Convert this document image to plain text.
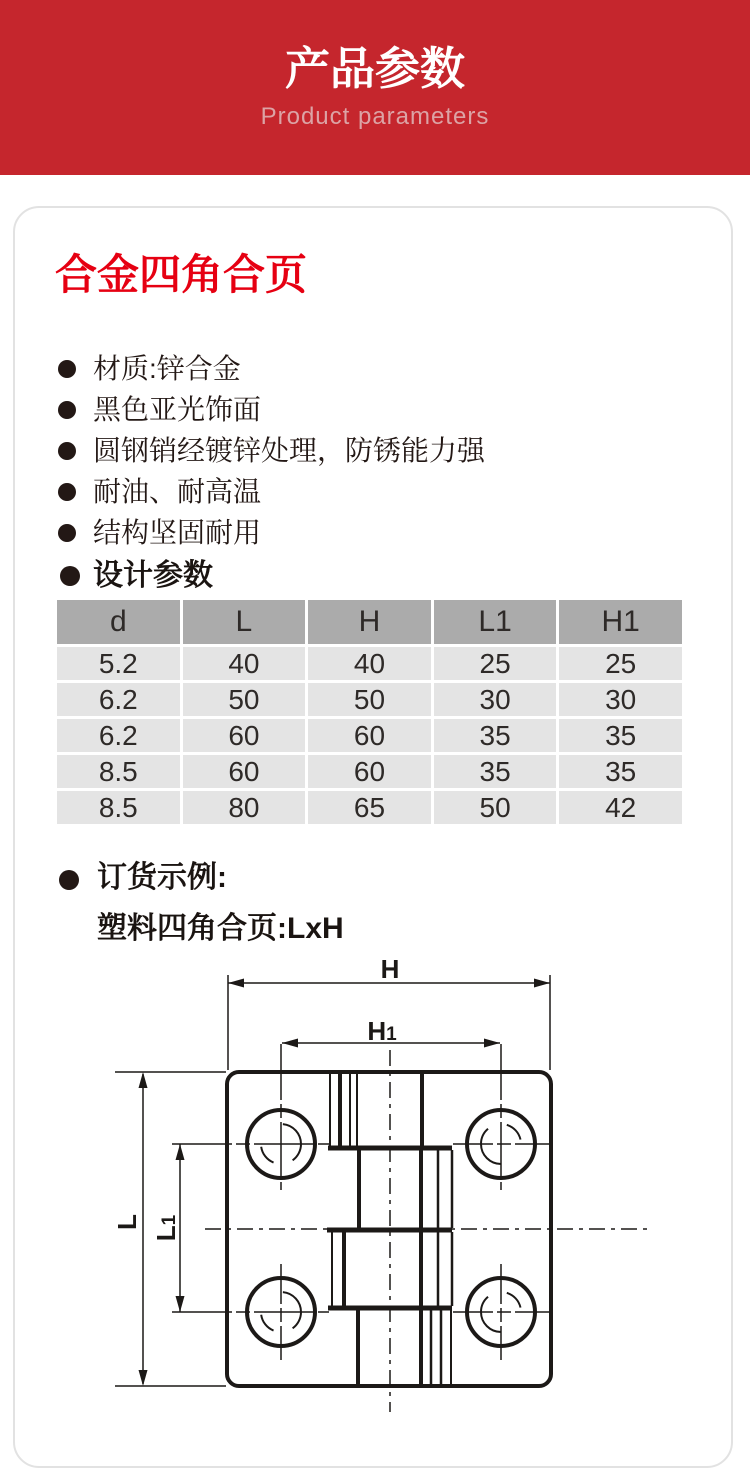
产品参数
Product parameters
合金四角合页
材质:锌合金
黑色亚光饰面
圆钢销经镀锌处理，防锈能力强
耐油、耐高温
结构坚固耐用
设计参数
d	L	H	L1	H1
5.2	40	40	25	25
6.2	50	50	30	30
6.2	60	60	35	35
8.5	60	60	35	35
8.5	80	65	50	42
订货示例:
塑料四角合页:LxH
H
H1
L
L1
